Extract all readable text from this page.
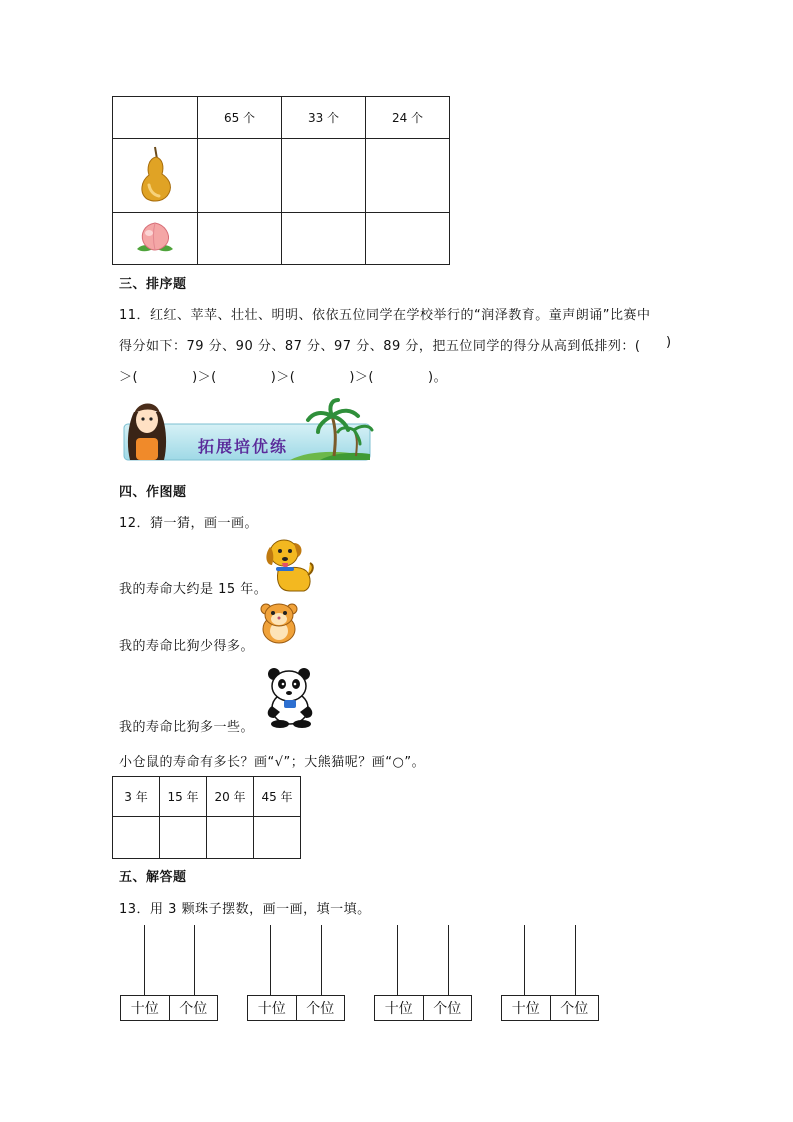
	65 个	33 个	24 个

三、排序题
11．红红、苹苹、壮壮、明明、依依五位同学在学校举行的“润泽教育。童声朗诵”比赛中
得分如下：79 分、90 分、87 分、97 分、89 分，把五位同学的得分从高到低排列：( )
＞(　　　　)＞(　　　　)＞(　　　　)＞(　　　　)。
拓展培优练
四、作图题
12．猜一猜，画一画。
我的寿命大约是 15 年。
我的寿命比狗少得多。
我的寿命比狗多一些。
小仓鼠的寿命有多长？画“√”；大熊猫呢？画“○”。
3 年	15 年	20 年	45 年

五、解答题
13．用 3 颗珠子摆数，画一画，填一填。
十位	个位	十位	个位	十位	个位	十位	个位
